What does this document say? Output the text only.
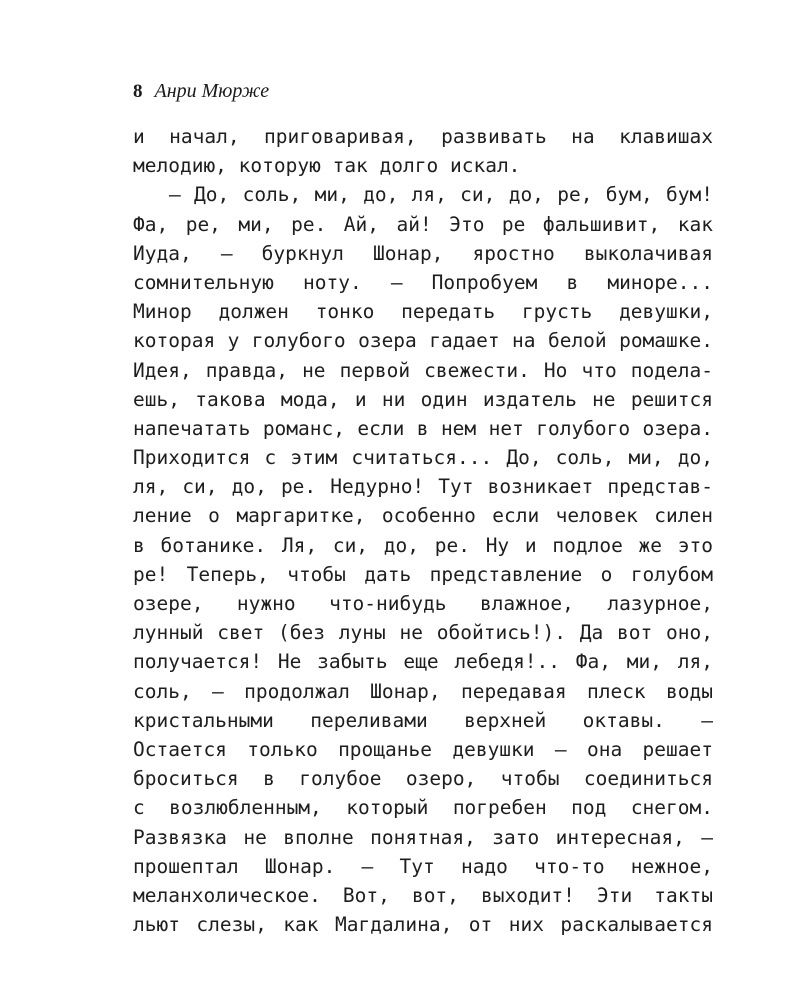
8 Анри Мюрже
и начал, приговаривая, развивать на клавишах
мелодию, которую так долго искал.
— До, соль, ми, до, ля, си, до, ре, бум, бум!
Фа, ре, ми, ре. Ай, ай! Это ре фальшивит, как
Иуда, — буркнул Шонар, яростно выколачивая
сомнительную ноту. — Попробуем в миноре...
Минор должен тонко передать грусть девушки,
которая у голубого озера гадает на белой ромашке.
Идея, правда, не первой свежести. Но что подела-
ешь, такова мода, и ни один издатель не решится
напечатать романс, если в нем нет голубого озера.
Приходится с этим считаться... До, соль, ми, до,
ля, си, до, ре. Недурно! Тут возникает представ-
ление о маргаритке, особенно если человек силен
в ботанике. Ля, си, до, ре. Ну и подлое же это
ре! Теперь, чтобы дать представление о голубом
озере, нужно что-нибудь влажное, лазурное,
лунный свет (без луны не обойтись!). Да вот оно,
получается! Не забыть еще лебедя!.. Фа, ми, ля,
соль, — продолжал Шонар, передавая плеск воды
кристальными переливами верхней октавы. —
Остается только прощанье девушки — она решает
броситься в голубое озеро, чтобы соединиться
с возлюбленным, который погребен под снегом.
Развязка не вполне понятная, зато интересная, —
прошептал Шонар. — Тут надо что-то нежное,
меланхолическое. Вот, вот, выходит! Эти такты
льют слезы, как Магдалина, от них раскалывается
